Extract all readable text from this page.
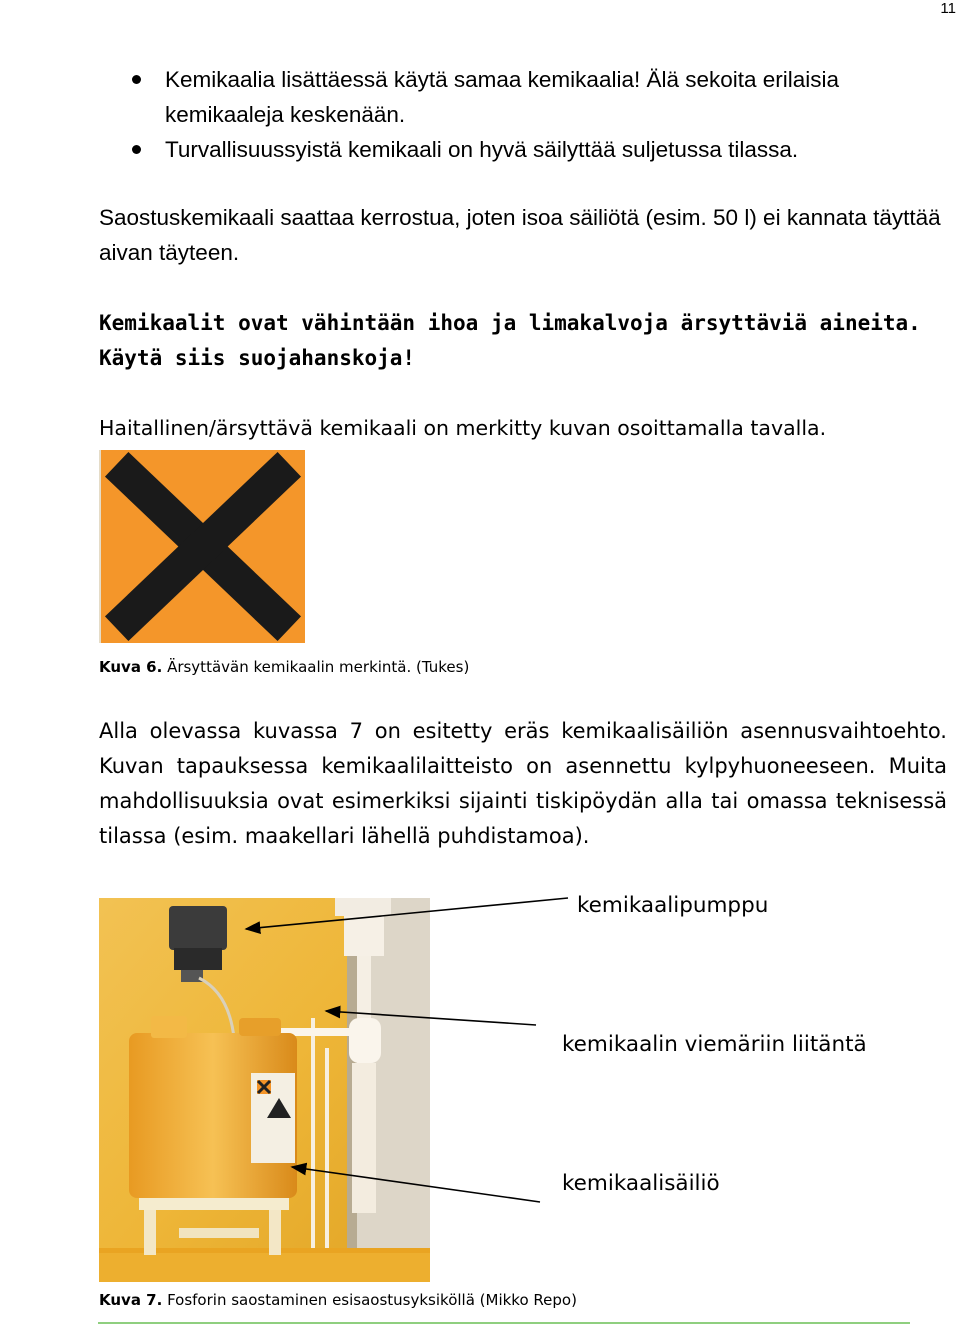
11
Kemikaalia lisättäessä käytä samaa kemikaalia! Älä sekoita erilaisia kemikaaleja keskenään.
Turvallisuussyistä kemikaali on hyvä säilyttää suljetussa tilassa.

Saostuskemikaali saattaa kerrostua, joten isoa säiliötä (esim. 50 l) ei kannata täyttää aivan täyteen.

Kemikaalit ovat vähintään ihoa ja limakalvoja ärsyttäviä aineita. Käytä siis suojahanskoja!

Haitallinen/ärsyttävä kemikaali on merkitty kuvan osoittamalla tavalla.

Kuva 6. Ärsyttävän kemikaalin merkintä. (Tukes)

Alla olevassa kuvassa 7 on esitetty eräs kemikaalisäiliön asennusvaihtoehto. Kuvan tapauksessa kemikaalilaitteisto on asennettu kylpyhuoneeseen. Muita mahdollisuuksia ovat esimerkiksi sijainti tiskipöydän alla tai omassa teknisessä tilassa (esim. maakellari lähellä puhdistamoa).

kemikaalipumppu
kemikaalin viemäriin liitäntä
kemikaalisäiliö
Kuva 7. Fosforin saostaminen esisaostusyksiköllä (Mikko Repo)
